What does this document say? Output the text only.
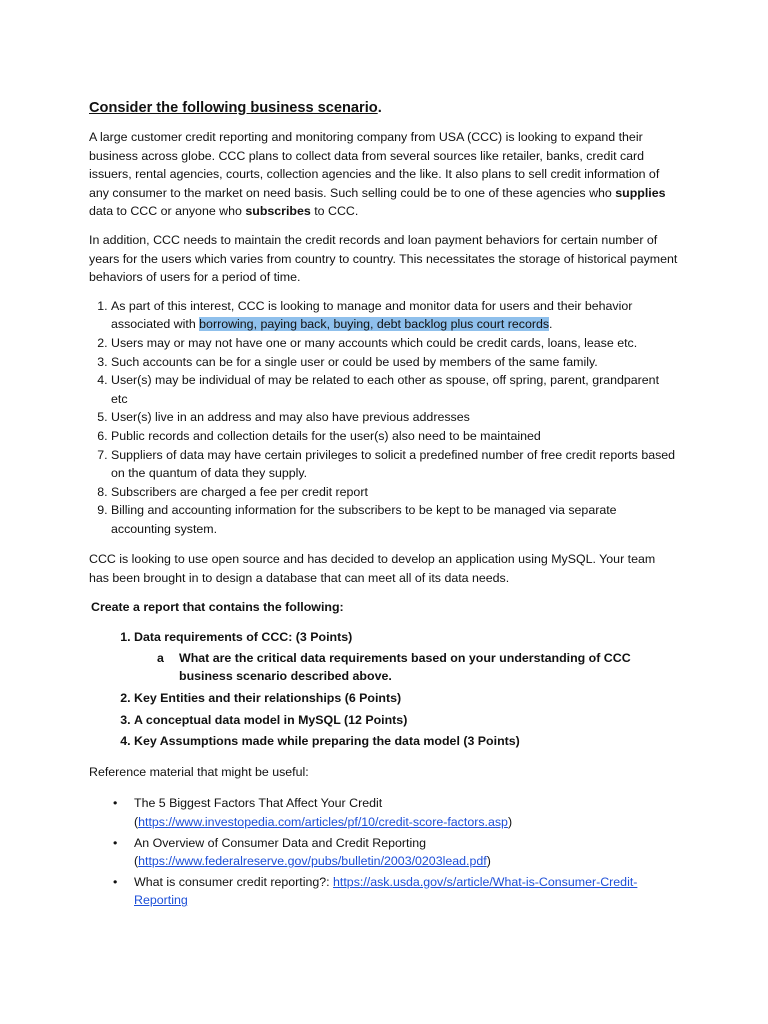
Consider the following business scenario.

A large customer credit reporting and monitoring company from USA (CCC) is looking to expand their business across globe. CCC plans to collect data from several sources like retailer, banks, credit card issuers, rental agencies, courts, collection agencies and the like. It also plans to sell credit information of any consumer to the market on need basis. Such selling could be to one of these agencies who supplies data to CCC or anyone who subscribes to CCC.

In addition, CCC needs to maintain the credit records and loan payment behaviors for certain number of years for the users which varies from country to country. This necessitates the storage of historical payment behaviors of users for a period of time.

1. As part of this interest, CCC is looking to manage and monitor data for users and their behavior associated with borrowing, paying back, buying, debt backlog plus court records.
2. Users may or may not have one or many accounts which could be credit cards, loans, lease etc.
3. Such accounts can be for a single user or could be used by members of the same family.
4. User(s) may be individual of may be related to each other as spouse, off spring, parent, grandparent etc
5. User(s) live in an address and may also have previous addresses
6. Public records and collection details for the user(s) also need to be maintained
7. Suppliers of data may have certain privileges to solicit a predefined number of free credit reports based on the quantum of data they supply.
8. Subscribers are charged a fee per credit report
9. Billing and accounting information for the subscribers to be kept to be managed via separate accounting system.

CCC is looking to use open source and has decided to develop an application using MySQL. Your team has been brought in to design a database that can meet all of its data needs.

Create a report that contains the following:

1. Data requirements of CCC: (3 Points)
a	What are the critical data requirements based on your understanding of CCC business scenario described above.
2. Key Entities and their relationships (6 Points)
3. A conceptual data model in MySQL (12 Points)
4. Key Assumptions made while preparing the data model (3 Points)

Reference material that might be useful:

•	The 5 Biggest Factors That Affect Your Credit
(https://www.investopedia.com/articles/pf/10/credit-score-factors.asp)
•	An Overview of Consumer Data and Credit Reporting
(https://www.federalreserve.gov/pubs/bulletin/2003/0203lead.pdf)
•	What is consumer credit reporting?: https://ask.usda.gov/s/article/What-is-Consumer-Credit-Reporting
